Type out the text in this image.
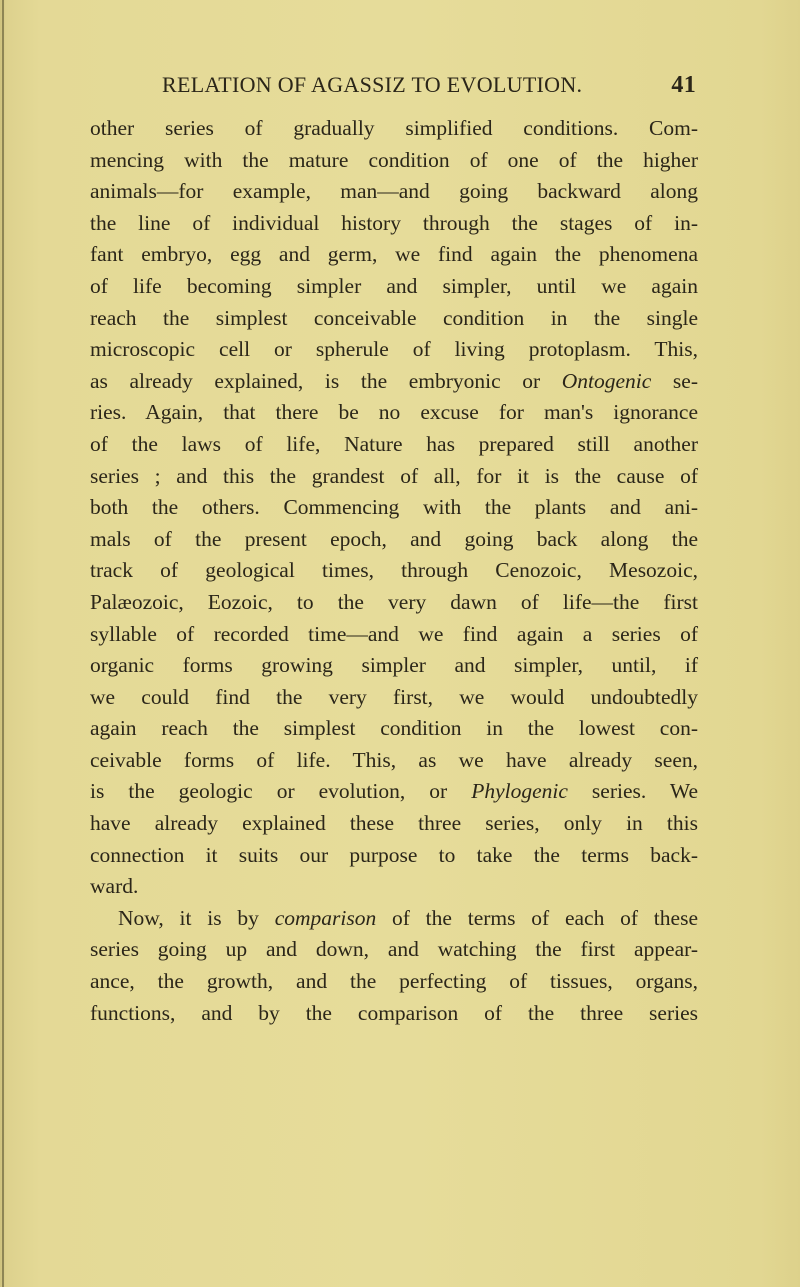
RELATION OF AGASSIZ TO EVOLUTION.	41
other series of gradually simplified conditions. Com-
mencing with the mature condition of one of the higher
animals—for example, man—and going backward along
the line of individual history through the stages of in-
fant embryo, egg and germ, we find again the phenomena
of life becoming simpler and simpler, until we again
reach the simplest conceivable condition in the single
microscopic cell or spherule of living protoplasm. This,
as already explained, is the embryonic or Ontogenic se-
ries. Again, that there be no excuse for man's ignorance
of the laws of life, Nature has prepared still another
series ; and this the grandest of all, for it is the cause of
both the others. Commencing with the plants and ani-
mals of the present epoch, and going back along the
track of geological times, through Cenozoic, Mesozoic,
Palæozoic, Eozoic, to the very dawn of life—the first
syllable of recorded time—and we find again a series of
organic forms growing simpler and simpler, until, if
we could find the very first, we would undoubtedly
again reach the simplest condition in the lowest con-
ceivable forms of life. This, as we have already seen,
is the geologic or evolution, or Phylogenic series. We
have already explained these three series, only in this
connection it suits our purpose to take the terms back-
ward.
Now, it is by comparison of the terms of each of these
series going up and down, and watching the first appear-
ance, the growth, and the perfecting of tissues, organs,
functions, and by the comparison of the three series
